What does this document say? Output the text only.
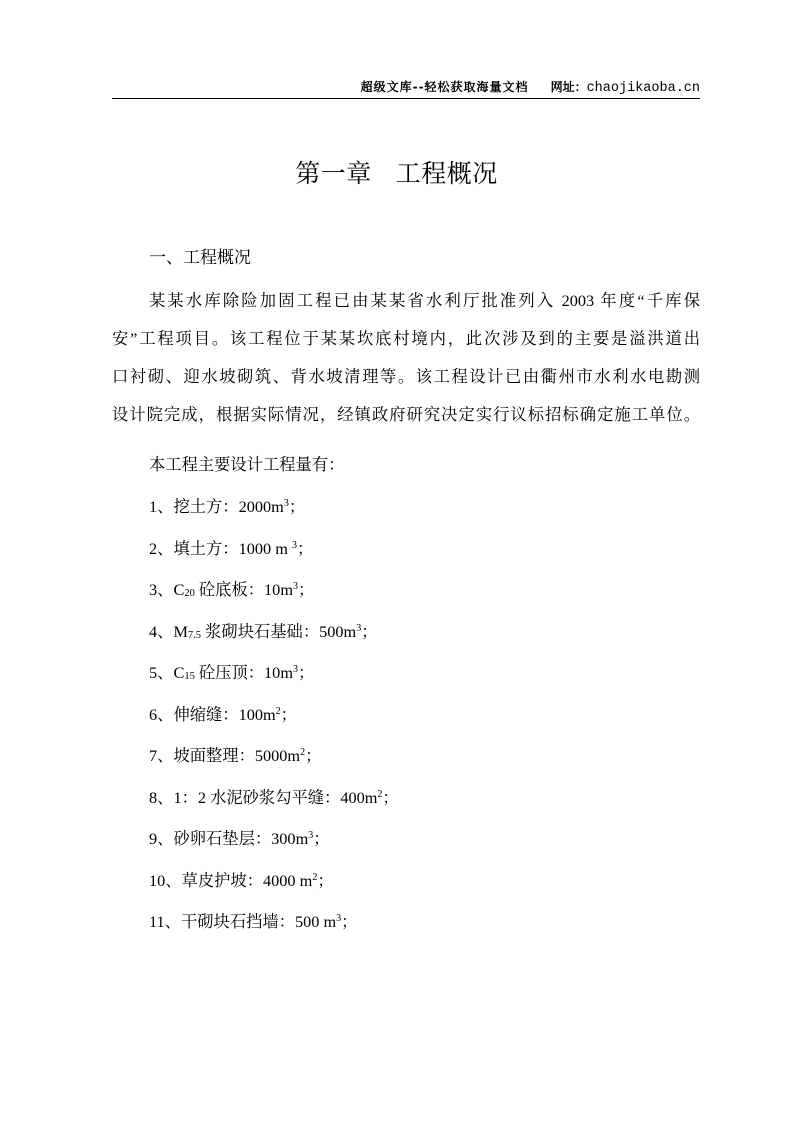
超级文库--轻松获取海量文档 网址：chaojikaoba.cn
第一章 工程概况
一、工程概况
　　某某水库除险加固工程已由某某省水利厅批准列入 2003 年度“千库保
安”工程项目。该工程位于某某坎底村境内，此次涉及到的主要是溢洪道出
口衬砌、迎水坡砌筑、背水坡清理等。该工程设计已由衢州市水利水电勘测
设计院完成，根据实际情况，经镇政府研究决定实行议标招标确定施工单位。
本工程主要设计工程量有：
1、挖土方：$2000m^3$；
2、填土方：1000 m $^3$；
3、$C_{20}$ 砼底板：$10m^3$；
4、$M_{7.5}$ 浆砌块石基础：$500m^3$；
5、$C_{15}$ 砼压顶：$10m^3$；
6、伸缩缝：$100m^2$；
7、坡面整理：$5000m^2$；
8、1：2 水泥砂浆勾平缝：$400m^2$；
9、砂卵石垫层：$300m^3$；
10、草皮护坡：4000 $m^2$；
11、干砌块石挡墙：500 $m^3$；
